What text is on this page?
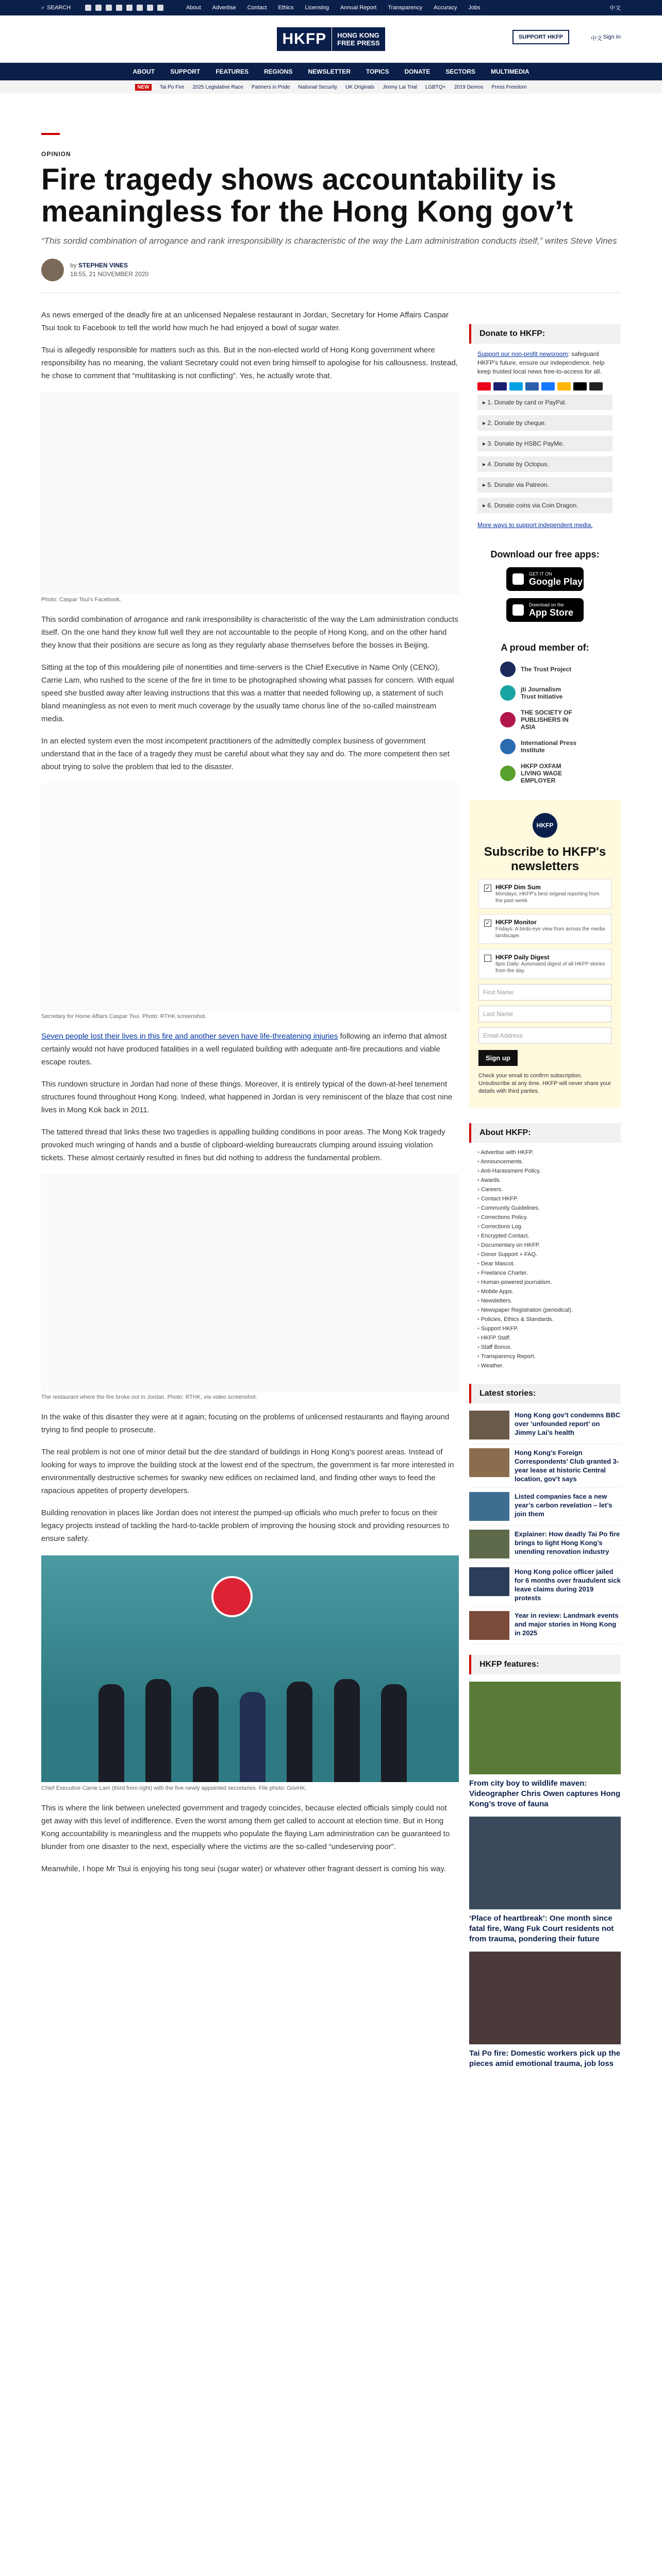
⌕ SEARCH	About Advertise Contact Ethics Licensing Annual Report Transparency Accuracy Jobs	中文
HKFP	HONG KONG
FREE PRESS
SUPPORT HKFP	中文 Sign In
ABOUT	SUPPORT	FEATURES	REGIONS	NEWSLETTER	TOPICS	DONATE	SECTORS	MULTIMEDIA
NEW	Tai Po Fire 2025 Legislative Race Partners in Pride National Security UK Originals Jimmy Lai Trial LGBTQ+ 2019 Demos Press Freedom
OPINION
Fire tragedy shows accountability is meaningless for the Hong Kong gov’t
“This sordid combination of arrogance and rank irresponsibility is characteristic of the way the Lam administration conducts itself,” writes Steve Vines
by STEPHEN VINES
18:55, 21 NOVEMBER 2020

As news emerged of the deadly fire at an unlicensed Nepalese restaurant in Jordan, Secretary for Home Affairs Caspar Tsui took to Facebook to tell the world how much he had enjoyed a bowl of sugar water.

Tsui is allegedly responsible for matters such as this. But in the non-elected world of Hong Kong government where responsibility has no meaning, the valiant Secretary could not even bring himself to apologise for his callousness. Instead, he chose to comment that “multitasking is not conflicting”. Yes, he actually wrote that.

Photo: Caspar Tsui's Facebook.

This sordid combination of arrogance and rank irresponsibility is characteristic of the way the Lam administration conducts itself. On the one hand they know full well they are not accountable to the people of Hong Kong, and on the other hand they know that their positions are secure as long as they regularly abase themselves before the bosses in Beijing.

Sitting at the top of this mouldering pile of nonentities and time-servers is the Chief Executive in Name Only (CENO), Carrie Lam, who rushed to the scene of the fire in time to be photographed showing what passes for concern. With equal speed she bustled away after leaving instructions that this was a matter that needed following up, a statement of such bland meaningless as not even to merit much coverage by the usually tame chorus line of the so-called mainstream media.

In an elected system even the most incompetent practitioners of the admittedly complex business of government understand that in the face of a tragedy they must be careful about what they say and do. The more competent then set about trying to solve the problem that led to the disaster.

Secretary for Home Affairs Caspar Tsui. Photo: RTHK screenshot.

Seven people lost their lives in this fire and another seven have life-threatening injuries following an inferno that almost certainly would not have produced fatalities in a well regulated building with adequate anti-fire precautions and viable escape routes.

This rundown structure in Jordan had none of these things. Moreover, it is entirely typical of the down-at-heel tenement structures found throughout Hong Kong. Indeed, what happened in Jordan is very reminiscent of the blaze that cost nine lives in Mong Kok back in 2011.

The tattered thread that links these two tragedies is appalling building conditions in poor areas. The Mong Kok tragedy provoked much wringing of hands and a bustle of clipboard-wielding bureaucrats clumping around issuing violation tickets. These almost certainly resulted in fines but did nothing to address the fundamental problem.

The restaurant where the fire broke out in Jordan. Photo: RTHK, via video screenshot.

In the wake of this disaster they were at it again; focusing on the problems of unlicensed restaurants and flaying around trying to find people to prosecute.

The real problem is not one of minor detail but the dire standard of buildings in Hong Kong’s poorest areas. Instead of looking for ways to improve the building stock at the lowest end of the spectrum, the government is far more interested in environmentally destructive schemes for swanky new edifices on reclaimed land, and finding other ways to feed the rapacious appetites of property developers.

Building renovation in places like Jordan does not interest the pumped-up officials who much prefer to focus on their legacy projects instead of tackling the hard-to-tackle problem of improving the housing stock and providing resources to ensure safety.

Chief Executive Carrie Lam (third from right) with the five newly appointed secretaries. File photo: GovHK.

This is where the link between unelected government and tragedy coincides, because elected officials simply could not get away with this level of indifference. Even the worst among them get called to account at election time. But in Hong Kong accountability is meaningless and the muppets who populate the flaying Lam administration can be guaranteed to blunder from one disaster to the next, especially where the victims are the so-called “undeserving poor”.

Meanwhile, I hope Mr Tsui is enjoying his tong seui (sugar water) or whatever other fragrant dessert is coming his way.

Donate to HKFP:
Support our non-profit newsroom: safeguard HKFP's future, ensure our independence, help keep trusted local news free-to-access for all.
▸ 1. Donate by card or PayPal.
▸ 2. Donate by cheque.
▸ 3. Donate by HSBC PayMe.
▸ 4. Donate by Octopus.
▸ 5. Donate via Patreon.
▸ 6. Donate coins via Coin Dragon.
More ways to support independent media.
Download our free apps:
GET IT ON
Google Play
Download on the
App Store
A proud member of:
The Trust Project
jti Journalism Trust Initiative
THE SOCIETY OF PUBLISHERS IN ASIA
International Press Institute
HKFP OXFAM LIVING WAGE EMPLOYER
HKFP
Subscribe to HKFP's newsletters
✓ HKFP Dim Sum
Mondays: HKFP's best original reporting from the past week.
✓ HKFP Monitor
Fridays: A birds-eye view from across the media landscape.
HKFP Daily Digest
8pm Daily: Automated digest of all HKFP stories from the day.
First Name
Last Name
Email Address
Sign up
Check your email to confirm subscription. Unsubscribe at any time. HKFP will never share your details with third parties.
About HKFP:
• Advertise with HKFP.
• Announcements.
• Anti-Harassment Policy.
• Awards.
• Careers.
• Contact HKFP.
• Community Guidelines.
• Corrections Policy.
• Corrections Log.
• Encrypted Contact.
• Documentary on HKFP.
• Donor Support + FAQ.
• Dear Mascot.
• Freelance Charter.
• Human-powered journalism.
• Mobile Apps.
• Newsletters.
• Newspaper Registration (periodical).
• Policies, Ethics & Standards.
• Support HKFP.
• HKFP Staff.
• Staff Bonus.
• Transparency Report.
• Weather.
Latest stories:
Hong Kong gov’t condemns BBC over ‘unfounded report’ on Jimmy Lai’s health
Hong Kong’s Foreign Correspondents’ Club granted 3-year lease at historic Central location, gov’t says
Listed companies face a new year’s carbon revelation – let’s join them
Explainer: How deadly Tai Po fire brings to light Hong Kong’s unending renovation industry
Hong Kong police officer jailed for 6 months over fraudulent sick leave claims during 2019 protests
Year in review: Landmark events and major stories in Hong Kong in 2025
HKFP features:
From city boy to wildlife maven: Videographer Chris Owen captures Hong Kong’s trove of fauna
‘Place of heartbreak’: One month since fatal fire, Wang Fuk Court residents not from trauma, pondering their future
Tai Po fire: Domestic workers pick up the pieces amid emotional trauma, job loss
